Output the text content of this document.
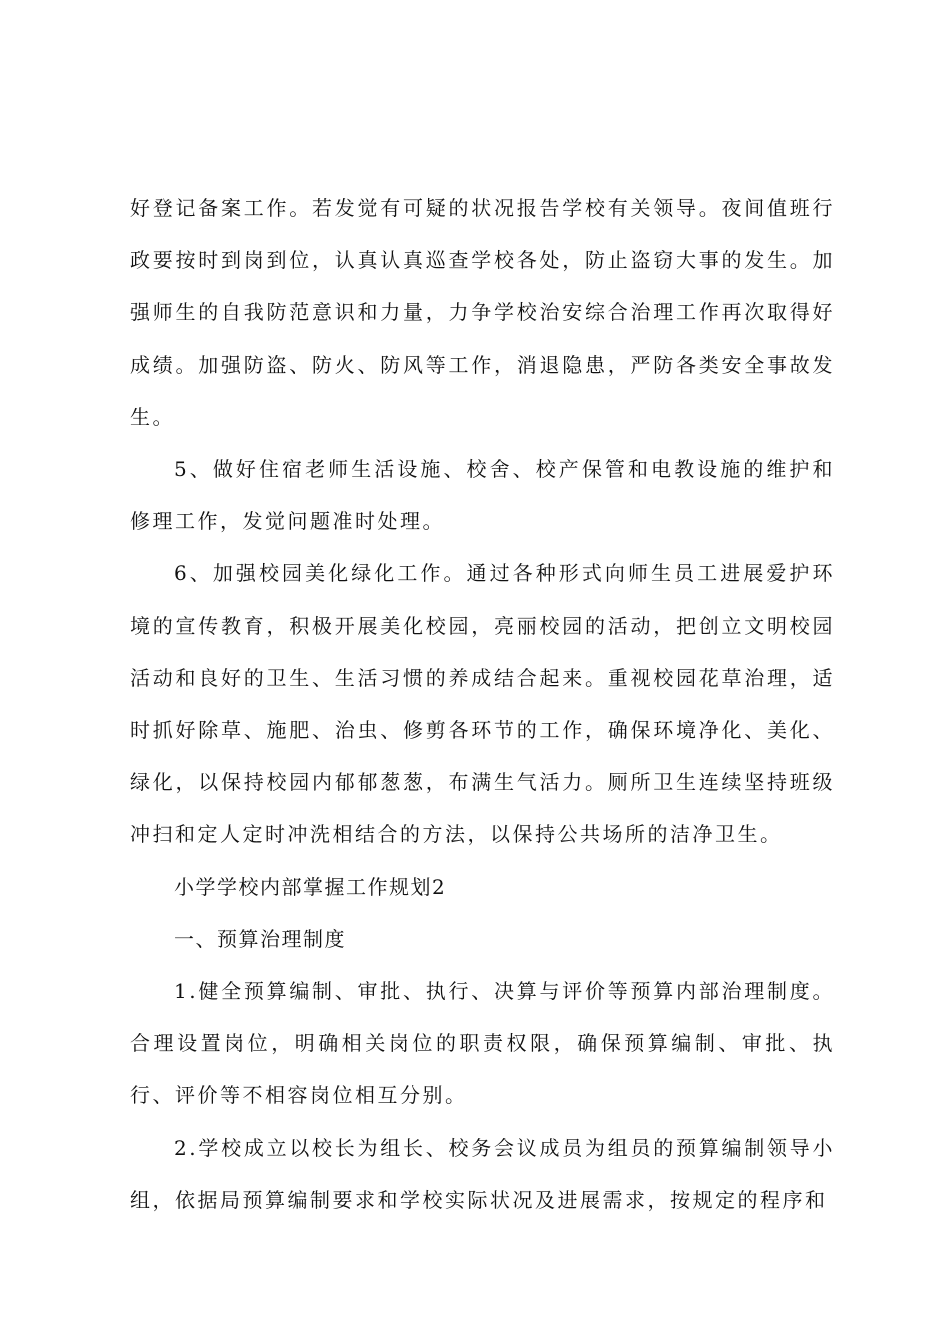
好登记备案工作。若发觉有可疑的状况报告学校有关领导。夜间值班行政要按时到岗到位，认真认真巡查学校各处，防止盗窃大事的发生。加强师生的自我防范意识和力量，力争学校治安综合治理工作再次取得好成绩。加强防盗、防火、防风等工作，消退隐患，严防各类安全事故发生。

5、做好住宿老师生活设施、校舍、校产保管和电教设施的维护和修理工作，发觉问题准时处理。

6、加强校园美化绿化工作。通过各种形式向师生员工进展爱护环境的宣传教育，积极开展美化校园，亮丽校园的活动，把创立文明校园活动和良好的卫生、生活习惯的养成结合起来。重视校园花草治理，适时抓好除草、施肥、治虫、修剪各环节的工作，确保环境净化、美化、绿化，以保持校园内郁郁葱葱，布满生气活力。厕所卫生连续坚持班级冲扫和定人定时冲洗相结合的方法，以保持公共场所的洁净卫生。

小学学校内部掌握工作规划2

一、预算治理制度

1.健全预算编制、审批、执行、决算与评价等预算内部治理制度。合理设置岗位，明确相关岗位的职责权限，确保预算编制、审批、执行、评价等不相容岗位相互分别。

2.学校成立以校长为组长、校务会议成员为组员的预算编制领导小组，依据局预算编制要求和学校实际状况及进展需求，按规定的程序和
